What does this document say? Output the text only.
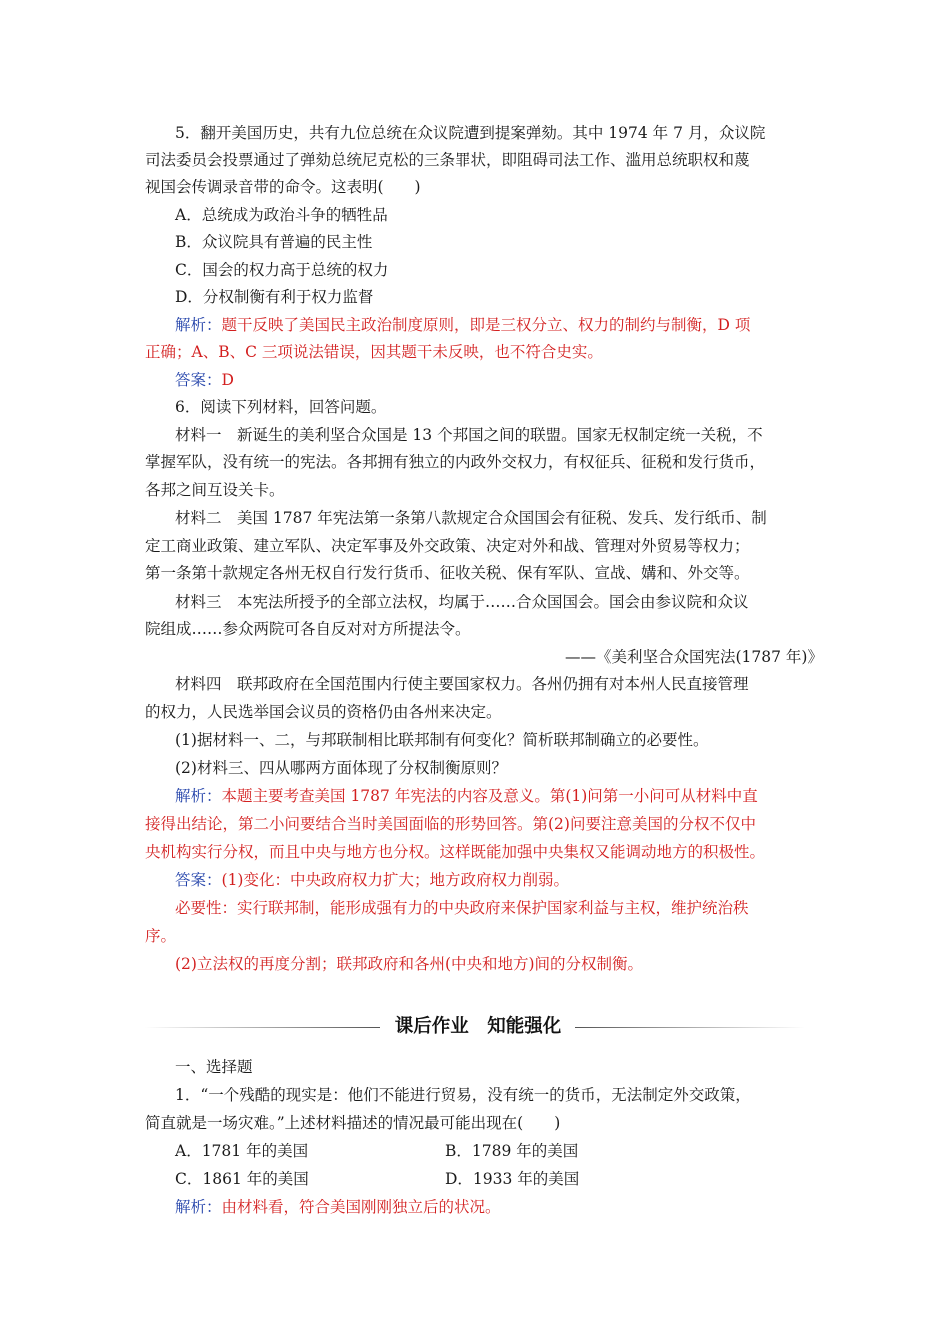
5．翻开美国历史，共有九位总统在众议院遭到提案弹劾。其中 1974 年 7 月，众议院
司法委员会投票通过了弹劾总统尼克松的三条罪状，即阻碍司法工作、滥用总统职权和蔑
视国会传调录音带的命令。这表明(　　)
A．总统成为政治斗争的牺牲品
B．众议院具有普遍的民主性
C．国会的权力高于总统的权力
D．分权制衡有利于权力监督
解析：题干反映了美国民主政治制度原则，即是三权分立、权力的制约与制衡，D 项
正确；A、B、C 三项说法错误，因其题干未反映，也不符合史实。
答案：D
6．阅读下列材料，回答问题。
材料一　新诞生的美利坚合众国是 13 个邦国之间的联盟。国家无权制定统一关税，不
掌握军队，没有统一的宪法。各邦拥有独立的内政外交权力，有权征兵、征税和发行货币，
各邦之间互设关卡。
材料二　美国 1787 年宪法第一条第八款规定合众国国会有征税、发兵、发行纸币、制
定工商业政策、建立军队、决定军事及外交政策、决定对外和战、管理对外贸易等权力；
第一条第十款规定各州无权自行发行货币、征收关税、保有军队、宣战、媾和、外交等。
材料三　本宪法所授予的全部立法权，均属于……合众国国会。国会由参议院和众议
院组成……参众两院可各自反对对方所提法令。
——《美利坚合众国宪法(1787 年)》
材料四　联邦政府在全国范围内行使主要国家权力。各州仍拥有对本州人民直接管理
的权力，人民选举国会议员的资格仍由各州来决定。
(1)据材料一、二，与邦联制相比联邦制有何变化？简析联邦制确立的必要性。
(2)材料三、四从哪两方面体现了分权制衡原则？
解析：本题主要考查美国 1787 年宪法的内容及意义。第(1)问第一小问可从材料中直
接得出结论，第二小问要结合当时美国面临的形势回答。第(2)问要注意美国的分权不仅中
央机构实行分权，而且中央与地方也分权。这样既能加强中央集权又能调动地方的积极性。
答案：(1)变化：中央政府权力扩大；地方政府权力削弱。
必要性：实行联邦制，能形成强有力的中央政府来保护国家利益与主权，维护统治秩
序。
(2)立法权的再度分割；联邦政府和各州(中央和地方)间的分权制衡。
课后作业　知能强化
一、选择题
1．“一个残酷的现实是：他们不能进行贸易，没有统一的货币，无法制定外交政策，
简直就是一场灾难。”上述材料描述的情况最可能出现在(　　)
A．1781 年的美国	B．1789 年的美国
C．1861 年的美国	D．1933 年的美国
解析：由材料看，符合美国刚刚独立后的状况。
